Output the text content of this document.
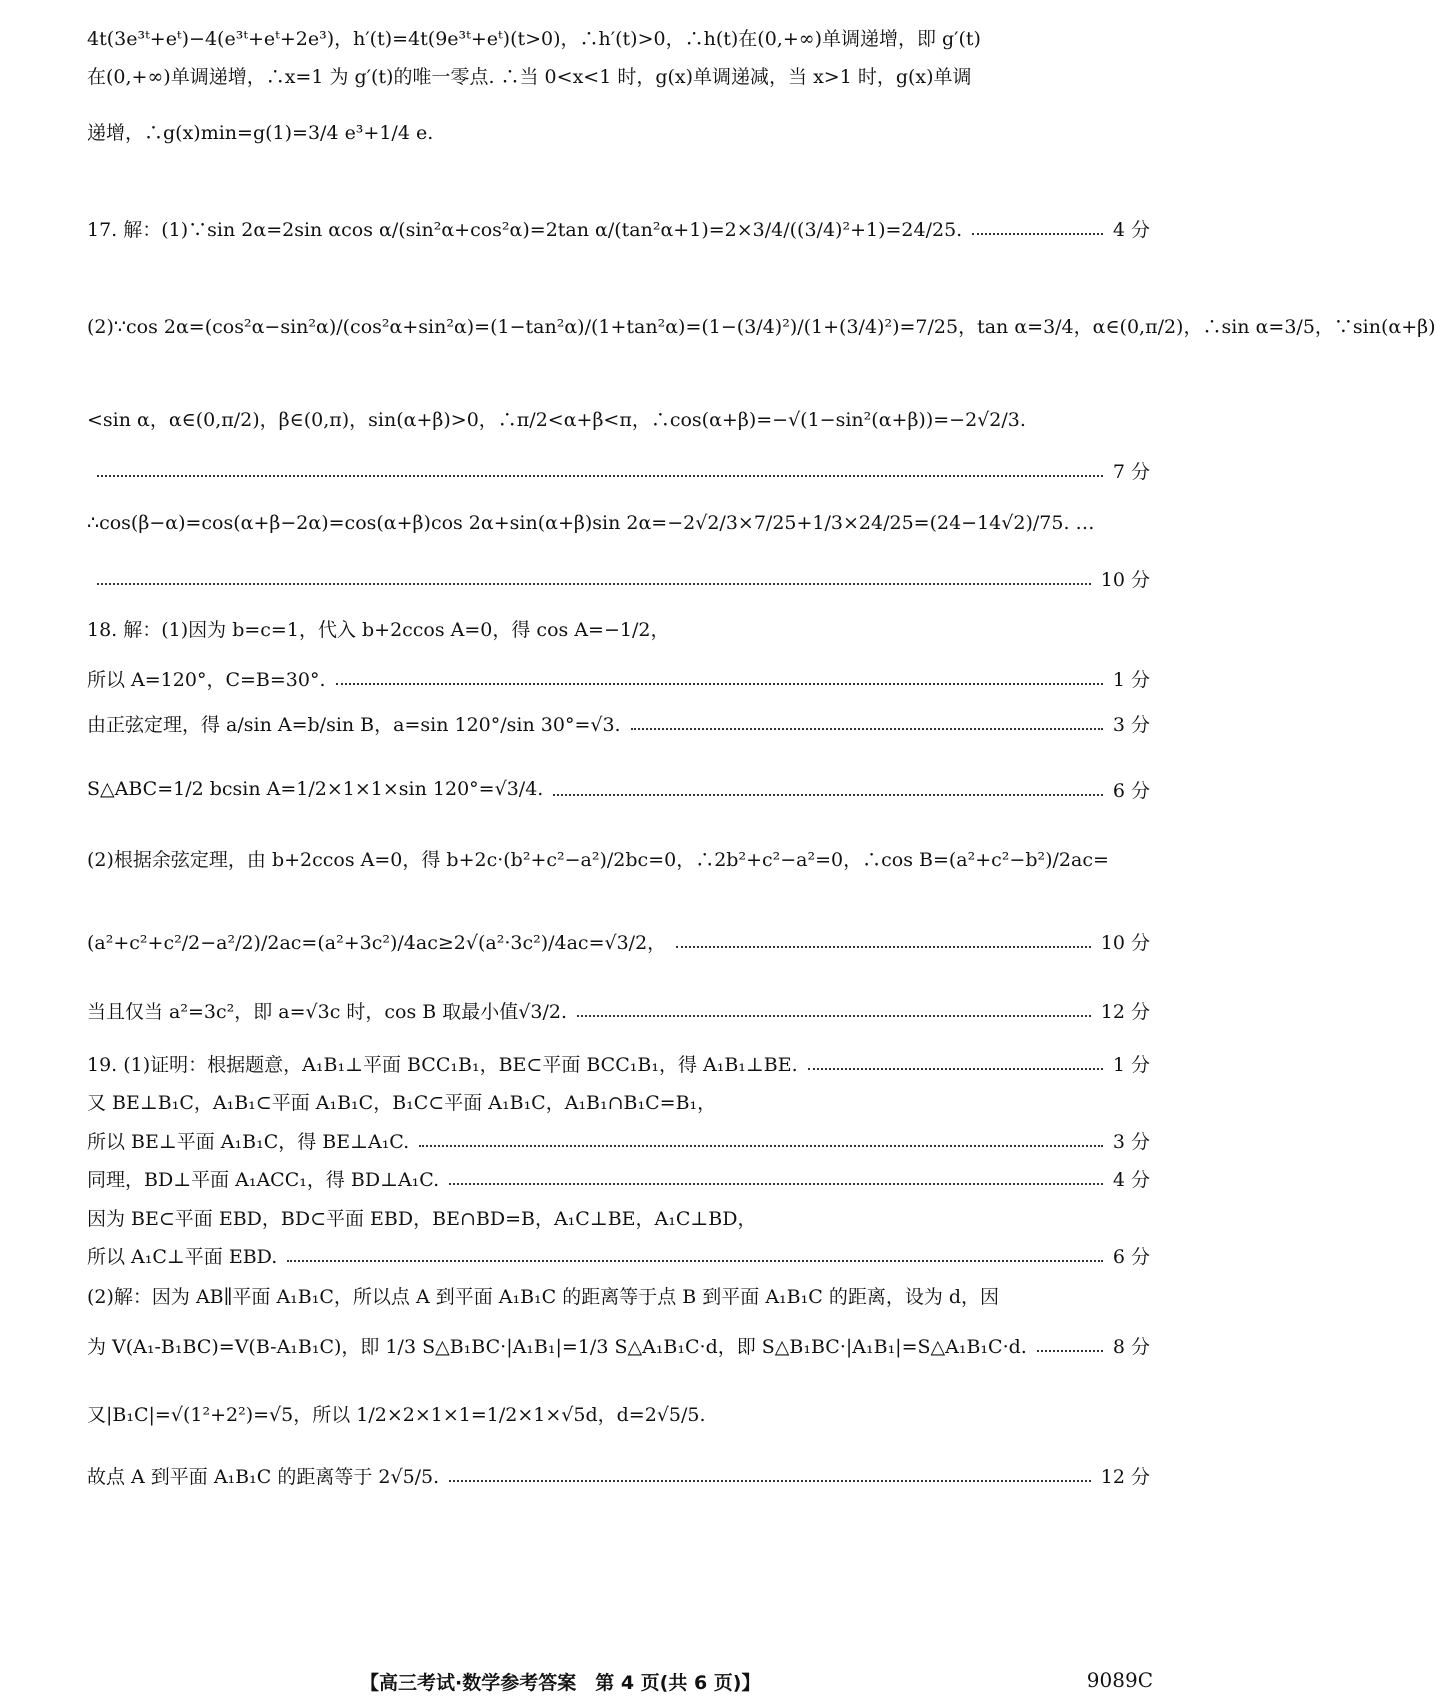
4t(3e³ᵗ+eᵗ)−4(e³ᵗ+eᵗ+2e³)，h′(t)=4t(9e³ᵗ+eᵗ)(t>0)，∴h′(t)>0，∴h(t)在(0,+∞)单调递增，即 g′(t)
在(0,+∞)单调递增，∴x=1 为 g′(t)的唯一零点. ∴当 0<x<1 时，g(x)单调递减，当 x>1 时，g(x)单调
递增，∴g(x)min=g(1)=3/4 e³+1/4 e.
17. 解：(1)∵sin 2α=2sin αcos α/(sin²α+cos²α)=2tan α/(tan²α+1)=2×3/4/((3/4)²+1)=24/25.	4 分
(2)∵cos 2α=(cos²α−sin²α)/(cos²α+sin²α)=(1−tan²α)/(1+tan²α)=(1−(3/4)²)/(1+(3/4)²)=7/25，tan α=3/4，α∈(0,π/2)，∴sin α=3/5，∵sin(α+β)
<sin α，α∈(0,π/2)，β∈(0,π)，sin(α+β)>0，∴π/2<α+β<π，∴cos(α+β)=−√(1−sin²(α+β))=−2√2/3.
7 分
∴cos(β−α)=cos(α+β−2α)=cos(α+β)cos 2α+sin(α+β)sin 2α=−2√2/3×7/25+1/3×24/25=(24−14√2)/75. …
10 分
18. 解：(1)因为 b=c=1，代入 b+2ccos A=0，得 cos A=−1/2，
所以 A=120°，C=B=30°.	1 分
由正弦定理，得 a/sin A=b/sin B，a=sin 120°/sin 30°=√3.	3 分
S△ABC=1/2 bcsin A=1/2×1×1×sin 120°=√3/4.	6 分
(2)根据余弦定理，由 b+2ccos A=0，得 b+2c·(b²+c²−a²)/2bc=0，∴2b²+c²−a²=0，∴cos B=(a²+c²−b²)/2ac=
(a²+c²+c²/2−a²/2)/2ac=(a²+3c²)/4ac≥2√(a²·3c²)/4ac=√3/2，	10 分
当且仅当 a²=3c²，即 a=√3c 时，cos B 取最小值√3/2.	12 分
19. (1)证明：根据题意，A₁B₁⊥平面 BCC₁B₁，BE⊂平面 BCC₁B₁，得 A₁B₁⊥BE.	1 分
又 BE⊥B₁C，A₁B₁⊂平面 A₁B₁C，B₁C⊂平面 A₁B₁C，A₁B₁∩B₁C=B₁，
所以 BE⊥平面 A₁B₁C，得 BE⊥A₁C.	3 分
同理，BD⊥平面 A₁ACC₁，得 BD⊥A₁C.	4 分
因为 BE⊂平面 EBD，BD⊂平面 EBD，BE∩BD=B，A₁C⊥BE，A₁C⊥BD，
所以 A₁C⊥平面 EBD.	6 分
(2)解：因为 AB∥平面 A₁B₁C，所以点 A 到平面 A₁B₁C 的距离等于点 B 到平面 A₁B₁C 的距离，设为 d，因
为 V(A₁-B₁BC)=V(B-A₁B₁C)，即 1/3 S△B₁BC·|A₁B₁|=1/3 S△A₁B₁C·d，即 S△B₁BC·|A₁B₁|=S△A₁B₁C·d.	8 分
又|B₁C|=√(1²+2²)=√5，所以 1/2×2×1×1=1/2×1×√5d，d=2√5/5.
故点 A 到平面 A₁B₁C 的距离等于 2√5/5.	12 分
【高三考试·数学参考答案　第 4 页(共 6 页)】	9089C
